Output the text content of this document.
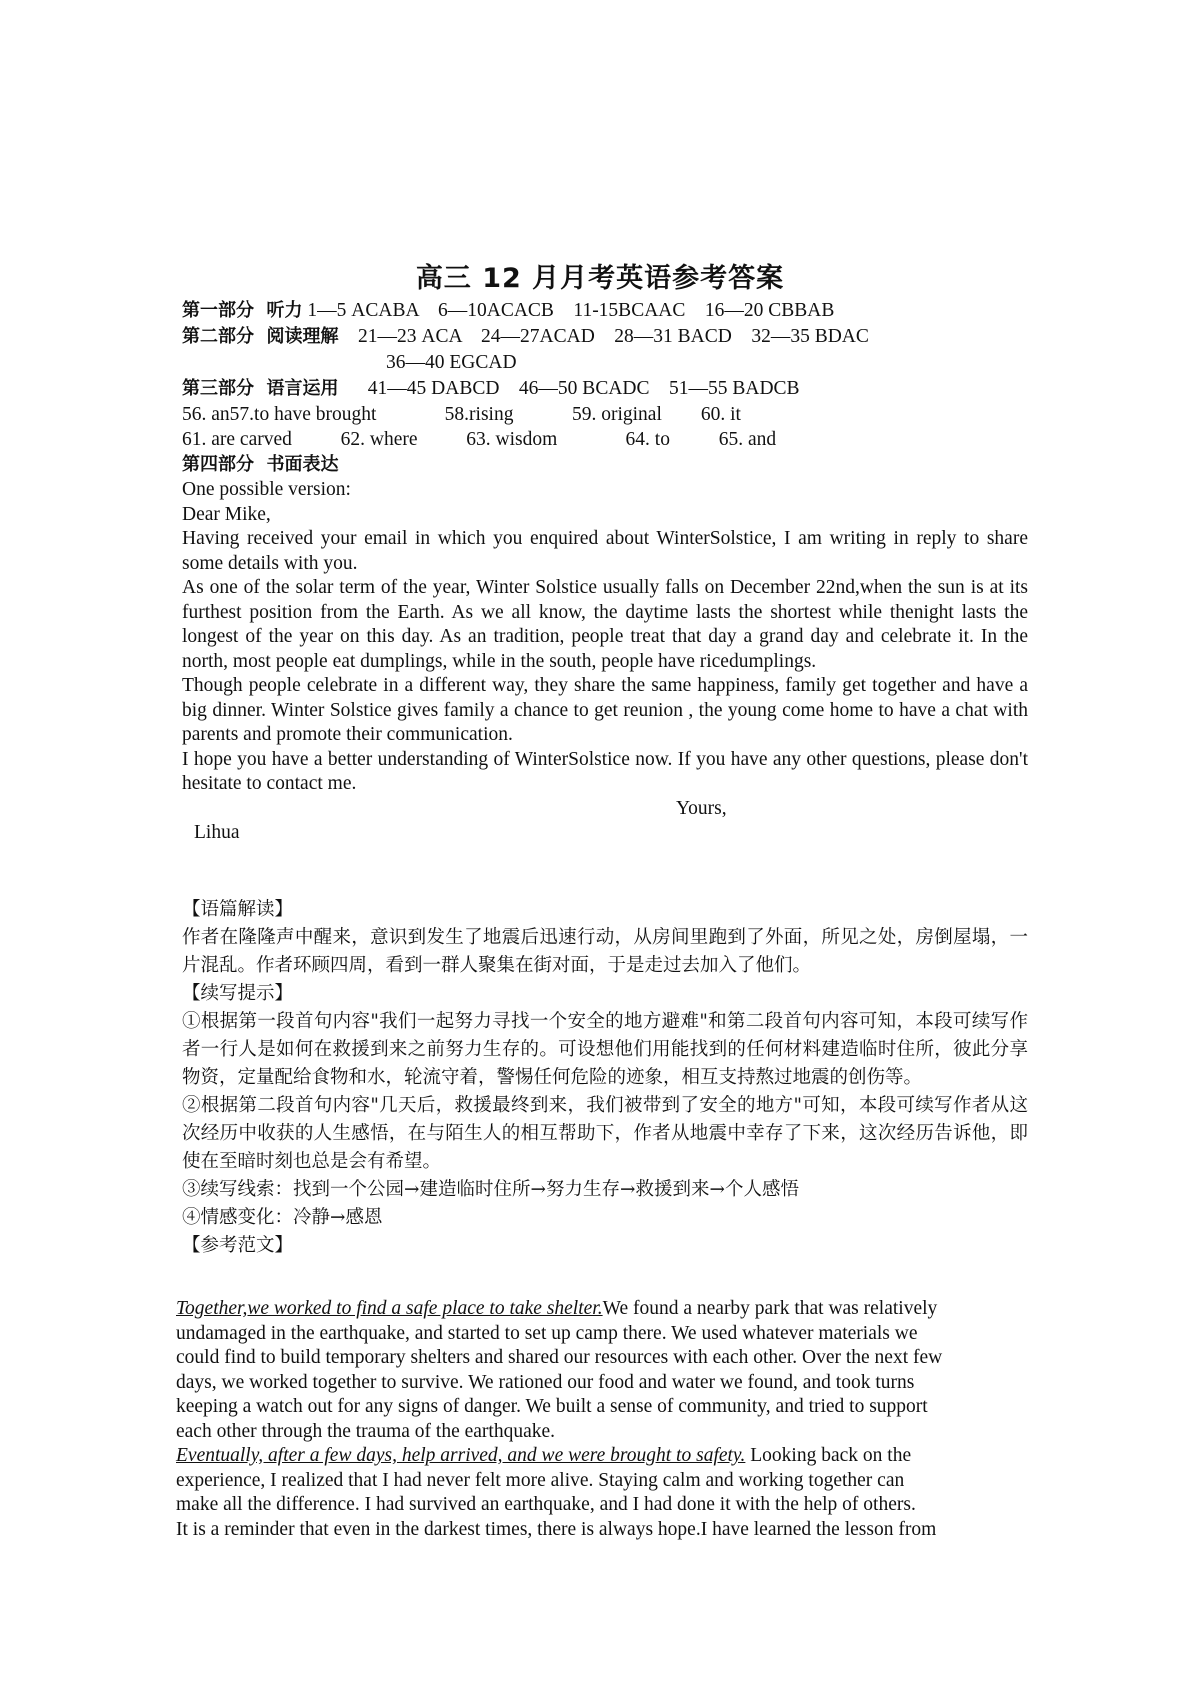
高三 12 月月考英语参考答案
第一部分  听力 1—5 ACABA    6—10ACACB    11-15BCAAC    16—20 CBBAB
第二部分  阅读理解 21—23 ACA    24—27ACAD    28—31 BACD    32—35 BDAC
36—40 EGCAD
第三部分  语言运用 41—45 DABCD    46—50 BCADC    51—55 BADCB
56. an57.to have brought              58.rising            59. original        60. it
61. are carved          62. where          63. wisdom              64. to          65. and
第四部分  书面表达

One possible version:

Dear Mike,

Having received your email in which you enquired about WinterSolstice, I am writing in reply to share some details with you.

As one of the solar term of the year, Winter Solstice usually falls on December 22nd,when the sun is at its furthest position from the Earth. As we all know, the daytime lasts the shortest while thenight lasts the longest of the year on this day. As an tradition, people treat that day a grand day and celebrate it. In the north, most people eat dumplings, while in the south, people have ricedumplings.

Though people celebrate in a different way, they share the same happiness, family get together and have a big dinner. Winter Solstice gives family a chance to get reunion , the young come home to have a chat with parents and promote their communication.

I hope you have a better understanding of WinterSolstice now. If you have any other questions, please don't hesitate to contact me.

Yours,

Lihua

【语篇解读】

作者在隆隆声中醒来，意识到发生了地震后迅速行动，从房间里跑到了外面，所见之处，房倒屋塌，一片混乱。作者环顾四周，看到一群人聚集在街对面，于是走过去加入了他们。

【续写提示】

①根据第一段首句内容"我们一起努力寻找一个安全的地方避难"和第二段首句内容可知，本段可续写作者一行人是如何在救援到来之前努力生存的。可设想他们用能找到的任何材料建造临时住所，彼此分享物资，定量配给食物和水，轮流守着，警惕任何危险的迹象，相互支持熬过地震的创伤等。

②根据第二段首句内容"几天后，救援最终到来，我们被带到了安全的地方"可知，本段可续写作者从这次经历中收获的人生感悟，在与陌生人的相互帮助下，作者从地震中幸存了下来，这次经历告诉他，即使在至暗时刻也总是会有希望。

③续写线索：找到一个公园→建造临时住所→努力生存→救援到来→个人感悟

④情感变化：冷静→感恩

【参考范文】

Together,we worked to find a safe place to take shelter.We found a nearby park that was relatively

undamaged in the earthquake, and started to set up camp there. We used whatever materials we

could find to build temporary shelters and shared our resources with each other. Over the next few

days, we worked together to survive. We rationed our food and water we found, and took turns

keeping a watch out for any signs of danger. We built a sense of community, and tried to support

each other through the trauma of the earthquake.

Eventually, after a few days, help arrived, and we were brought to safety. Looking back on the

experience, I realized that I had never felt more alive. Staying calm and working together can

make all the difference. I had survived an earthquake, and I had done it with the help of others.

It is a reminder that even in the darkest times, there is always hope.I have learned the lesson from
